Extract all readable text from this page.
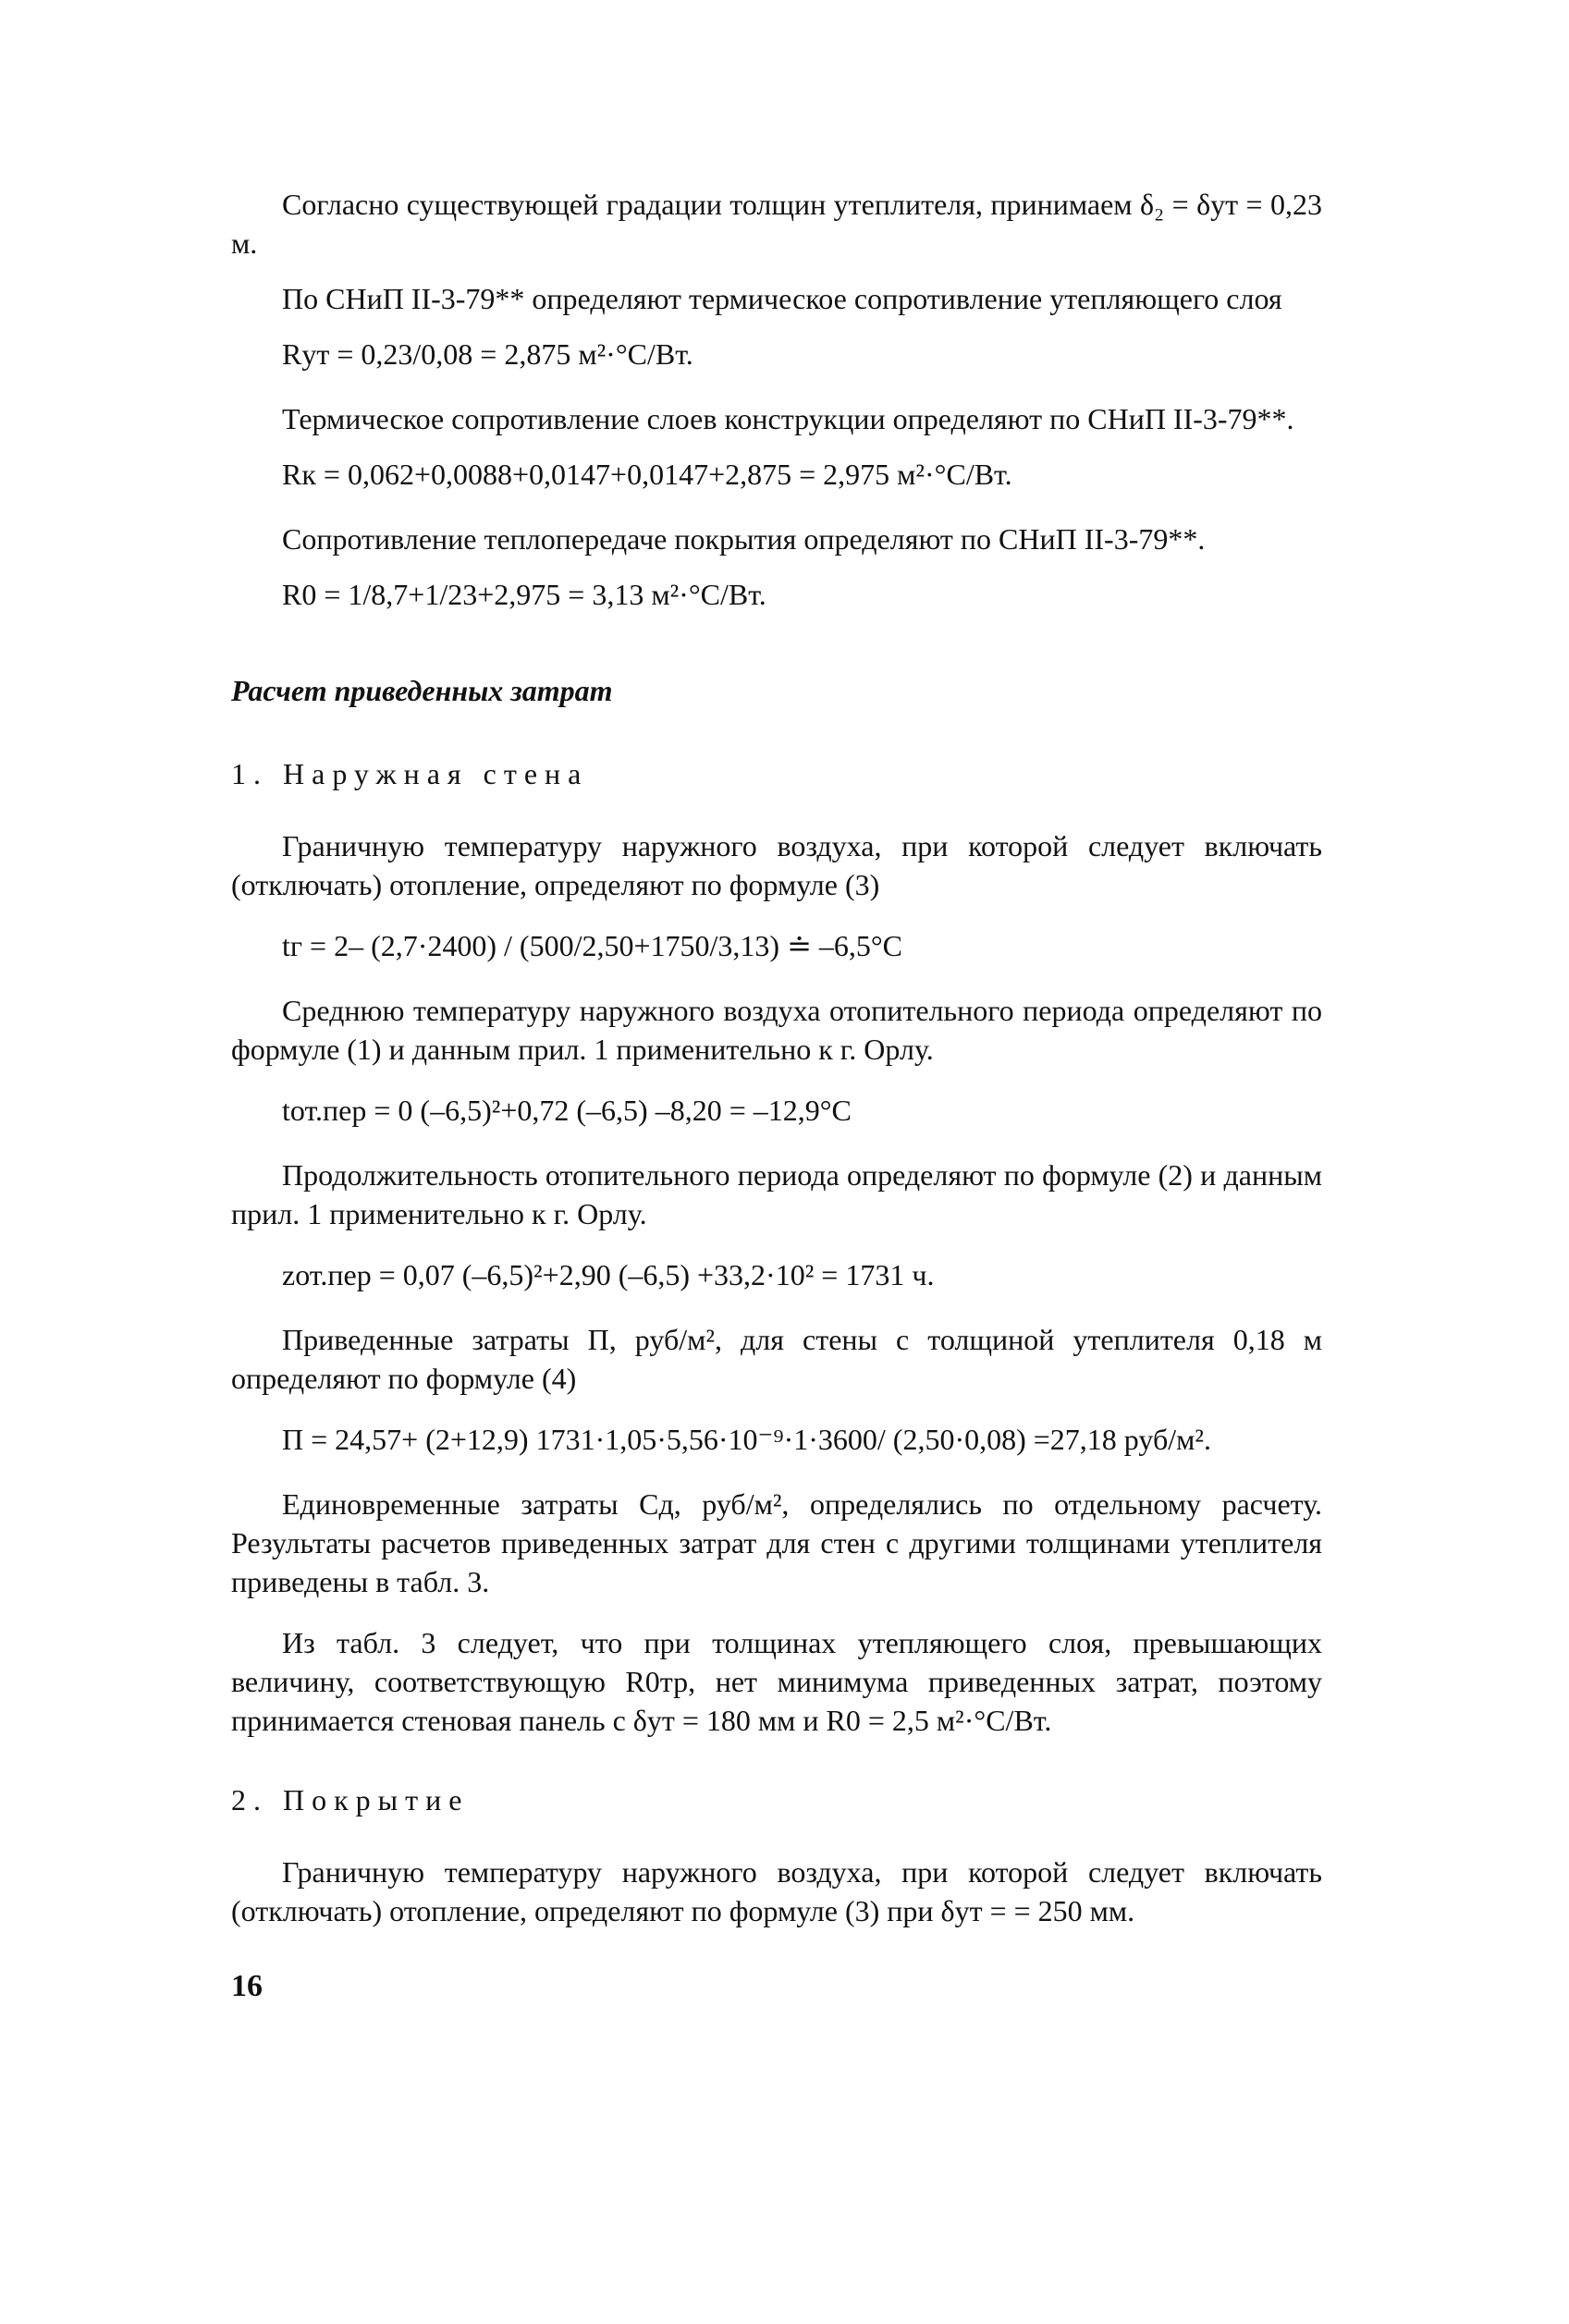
Согласно существующей градации толщин утеплителя, принимаем δ₂ = δут = 0,23 м.

По СНиП II-3-79** определяют термическое сопротивление утепляющего слоя

Rут = 0,23/0,08 = 2,875 м²·°С/Вт.

Термическое сопротивление слоев конструкции определяют по СНиП II-3-79**.

Rк = 0,062+0,0088+0,0147+0,0147+2,875 = 2,975 м²·°С/Вт.

Сопротивление теплопередаче покрытия определяют по СНиП II-3-79**.

R0 = 1/8,7+1/23+2,975 = 3,13 м²·°С/Вт.

Расчет приведенных затрат

1. Наружная стена

Граничную температуру наружного воздуха, при которой следует включать (отключать) отопление, определяют по формуле (3)

tг = 2– (2,7·2400) / (500/2,50+1750/3,13) ≐ –6,5°С

Среднюю температуру наружного воздуха отопительного периода определяют по формуле (1) и данным прил. 1 применительно к г. Орлу.

tот.пер = 0 (–6,5)²+0,72 (–6,5) –8,20 = –12,9°С

Продолжительность отопительного периода определяют по формуле (2) и данным прил. 1 применительно к г. Орлу.

zот.пер = 0,07 (–6,5)²+2,90 (–6,5) +33,2·10² = 1731 ч.

Приведенные затраты П, руб/м², для стены с толщиной утеплителя 0,18 м определяют по формуле (4)

П = 24,57+ (2+12,9) 1731·1,05·5,56·10⁻⁹·1·3600/ (2,50·0,08) =27,18 руб/м².

Единовременные затраты Сд, руб/м², определялись по отдельному расчету. Результаты расчетов приведенных затрат для стен с другими толщинами утеплителя приведены в табл. 3.

Из табл. 3 следует, что при толщинах утепляющего слоя, превышающих величину, соответствующую R0тр, нет минимума приведенных затрат, поэтому принимается стеновая панель с δут = 180 мм и R0 = 2,5 м²·°С/Вт.

2. Покрытие

Граничную температуру наружного воздуха, при которой следует включать (отключать) отопление, определяют по формуле (3) при δут = = 250 мм.

16
